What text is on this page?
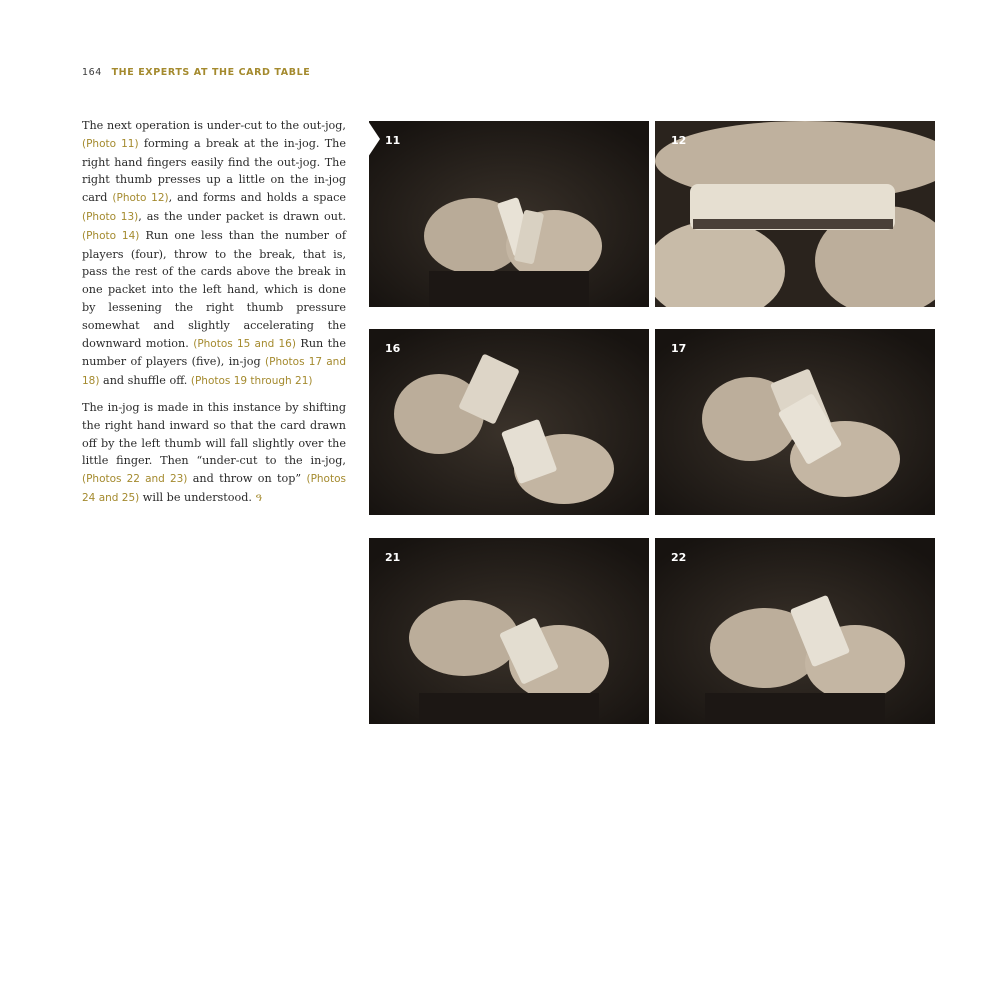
164 THE EXPERTS AT THE CARD TABLE

The next operation is under-cut to the out-jog, (Photo 11) forming a break at the in-jog. The right hand fingers easily find the out-jog. The right thumb presses up a little on the in-jog card (Photo 12), and forms and holds a space (Photo 13), as the under packet is drawn out. (Photo 14) Run one less than the number of players (four), throw to the break, that is, pass the rest of the cards above the break in one packet into the left hand, which is done by lessening the right thumb pressure somewhat and slightly accelerating the downward motion. (Photos 15 and 16) Run the number of players (five), in-jog (Photos 17 and 18) and shuffle off. (Photos 19 through 21)

The in-jog is made in this instance by shifting the right hand inward so that the card drawn off by the left thumb will fall slightly over the little finger. Then “under-cut to the in-jog, (Photos 22 and 23) and throw on top” (Photos 24 and 25) will be understood. ዓ

11	12
16	17
21	22
